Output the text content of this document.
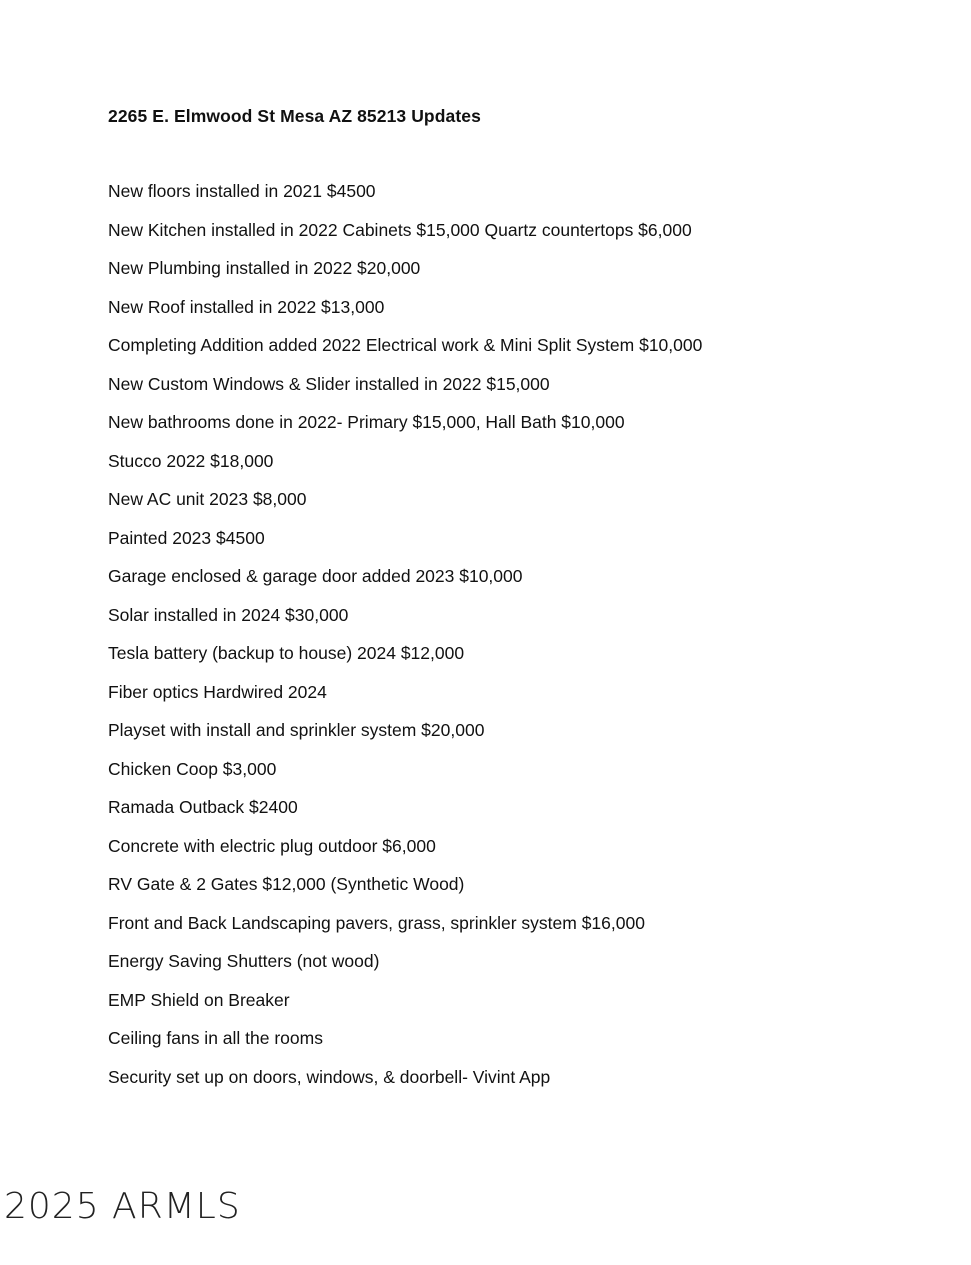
2265 E. Elmwood St Mesa AZ 85213 Updates
New floors installed in 2021 $4500
New Kitchen installed in 2022 Cabinets $15,000 Quartz countertops $6,000
New Plumbing installed in 2022 $20,000
New Roof installed in 2022 $13,000
Completing Addition added 2022 Electrical work & Mini Split System $10,000
New Custom Windows & Slider installed in 2022 $15,000
New bathrooms done in 2022- Primary $15,000, Hall Bath $10,000
Stucco 2022 $18,000
New AC unit 2023 $8,000
Painted 2023 $4500
Garage enclosed & garage door added 2023 $10,000
Solar installed in 2024 $30,000
Tesla battery (backup to house) 2024 $12,000
Fiber optics Hardwired 2024
Playset with install and sprinkler system $20,000
Chicken Coop $3,000
Ramada Outback $2400
Concrete with electric plug outdoor $6,000
RV Gate & 2 Gates $12,000 (Synthetic Wood)
Front and Back Landscaping pavers, grass, sprinkler system $16,000
Energy Saving Shutters (not wood)
EMP Shield on Breaker
Ceiling fans in all the rooms
Security set up on doors, windows, & doorbell- Vivint App
2025 ARMLS
